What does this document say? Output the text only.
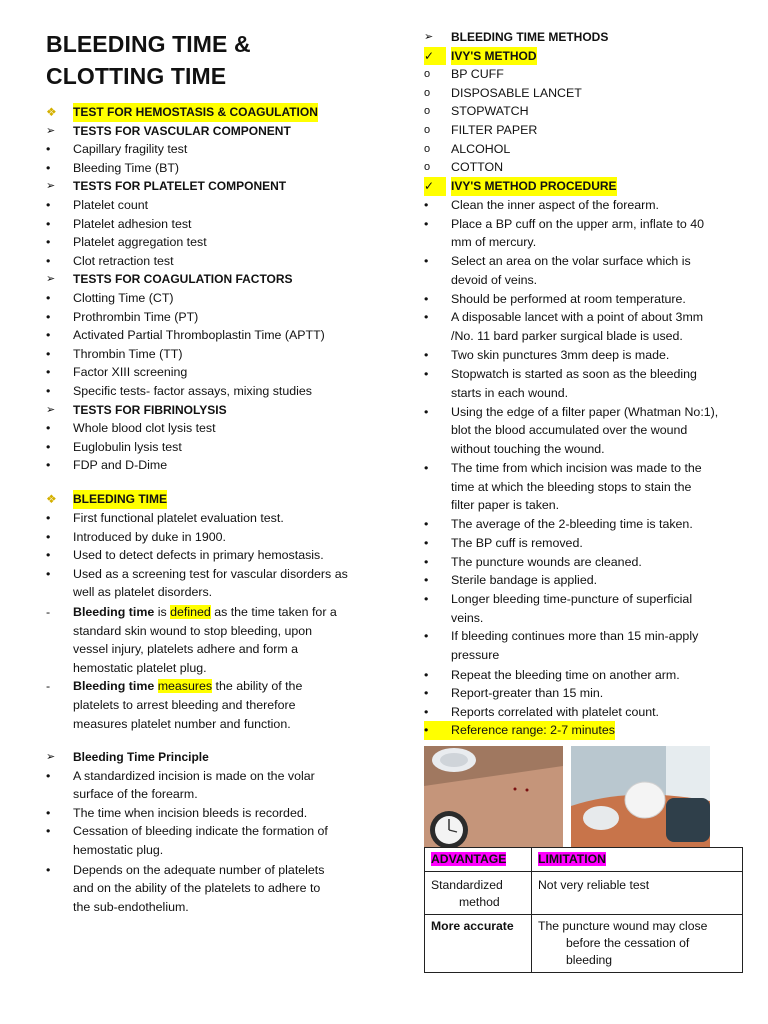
BLEEDING TIME &
CLOTTING TIME
❖	TEST FOR HEMOSTASIS & COAGULATION
➢	TESTS FOR VASCULAR COMPONENT
•	Capillary fragility test
•	Bleeding Time (BT)
➢	TESTS FOR PLATELET COMPONENT
•	Platelet count
•	Platelet adhesion test
•	Platelet aggregation test
•	Clot retraction test
➢	TESTS FOR COAGULATION FACTORS
•	Clotting Time (CT)
•	Prothrombin Time (PT)
•	Activated Partial Thromboplastin Time (APTT)
•	Thrombin Time (TT)
•	Factor XIII screening
•	Specific tests- factor assays, mixing studies
➢	TESTS FOR FIBRINOLYSIS
•	Whole blood clot lysis test
•	Euglobulin lysis test
•	FDP and D-Dime
❖	BLEEDING TIME
•	First functional platelet evaluation test.
•	Introduced by duke in 1900.
•	Used to detect defects in primary hemostasis.
•	Used as a screening test for vascular disorders as
well as platelet disorders.
-	Bleeding time is defined as the time taken for a
standard skin wound to stop bleeding, upon
vessel injury, platelets adhere and form a
hemostatic platelet plug.
-	Bleeding time measures the ability of the
platelets to arrest bleeding and therefore
measures platelet number and function.
➢	Bleeding Time Principle
•	A standardized incision is made on the volar
surface of the forearm.
•	The time when incision bleeds is recorded.
•	Cessation of bleeding indicate the formation of
hemostatic plug.
•	Depends on the adequate number of platelets
and on the ability of the platelets to adhere to
the sub-endothelium.
➢	BLEEDING TIME METHODS
✓	IVY'S METHOD
o	BP CUFF
o	DISPOSABLE LANCET
o	STOPWATCH
o	FILTER PAPER
o	ALCOHOL
o	COTTON
✓	IVY'S METHOD PROCEDURE
•	Clean the inner aspect of the forearm.
•	Place a BP cuff on the upper arm, inflate to 40
mm of mercury.
•	Select an area on the volar surface which is
devoid of veins.
•	Should be performed at room temperature.
•	A disposable lancet with a point of about 3mm
/No. 11 bard parker surgical blade is used.
•	Two skin punctures 3mm deep is made.
•	Stopwatch is started as soon as the bleeding
starts in each wound.
•	Using the edge of a filter paper (Whatman No:1),
blot the blood accumulated over the wound
without touching the wound.
•	The time from which incision was made to the
time at which the bleeding stops to stain the
filter paper is taken.
•	The average of the 2-bleeding time is taken.
•	The BP cuff is removed.
•	The puncture wounds are cleaned.
•	Sterile bandage is applied.
•	Longer bleeding time-puncture of superficial
veins.
•	If bleeding continues more than 15 min-apply
pressure
•	Repeat the bleeding time on another arm.
•	Report-greater than 15 min.
•	Reports correlated with platelet count.
•	Reference range: 2-7 minutes
ADVANTAGE	LIMITATION

Standardized
method	Not very reliable test
More accurate	The puncture wound may close
before the cessation of
bleeding
